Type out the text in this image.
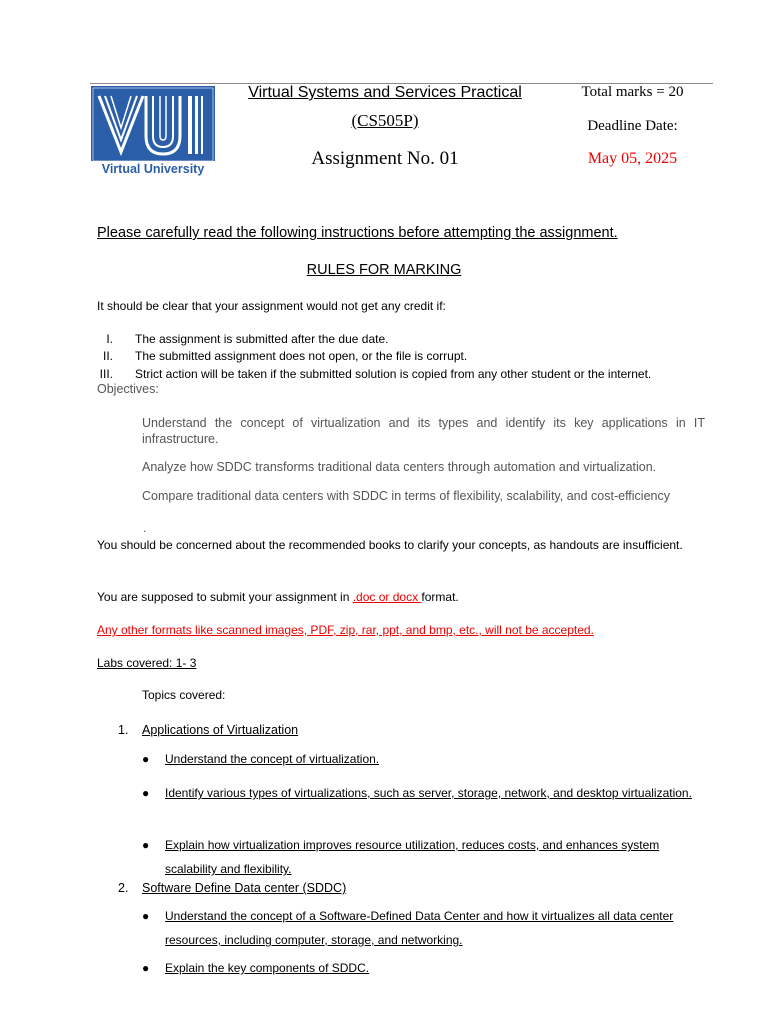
Virtual University
Virtual Systems and Services Practical
(CS505P)
Assignment No. 01
Total marks = 20
Deadline Date:
May 05, 2025
Please carefully read the following instructions before attempting the assignment.
RULES FOR MARKING
It should be clear that your assignment would not get any credit if:
I. The assignment is submitted after the due date.
II. The submitted assignment does not open, or the file is corrupt.
III. Strict action will be taken if the submitted solution is copied from any other student or the internet.
Objectives:
Understand the concept of virtualization and its types and identify its key applications in IT infrastructure.
Analyze how SDDC transforms traditional data centers through automation and virtualization.
Compare traditional data centers with SDDC in terms of flexibility, scalability, and cost-efficiency
.
You should be concerned about the recommended books to clarify your concepts, as handouts are insufficient.
You are supposed to submit your assignment in .doc or docx format.
Any other formats like scanned images, PDF, zip, rar, ppt, and bmp, etc., will not be accepted.
Labs covered: 1- 3
Topics covered:
1. Applications of Virtualization
● Understand the concept of virtualization.
● Identify various types of virtualizations, such as server, storage, network, and desktop virtualization.
● Explain how virtualization improves resource utilization, reduces costs, and enhances system scalability and flexibility.
2. Software Define Data center (SDDC)
● Understand the concept of a Software-Defined Data Center and how it virtualizes all data center resources, including computer, storage, and networking.
● Explain the key components of SDDC.
